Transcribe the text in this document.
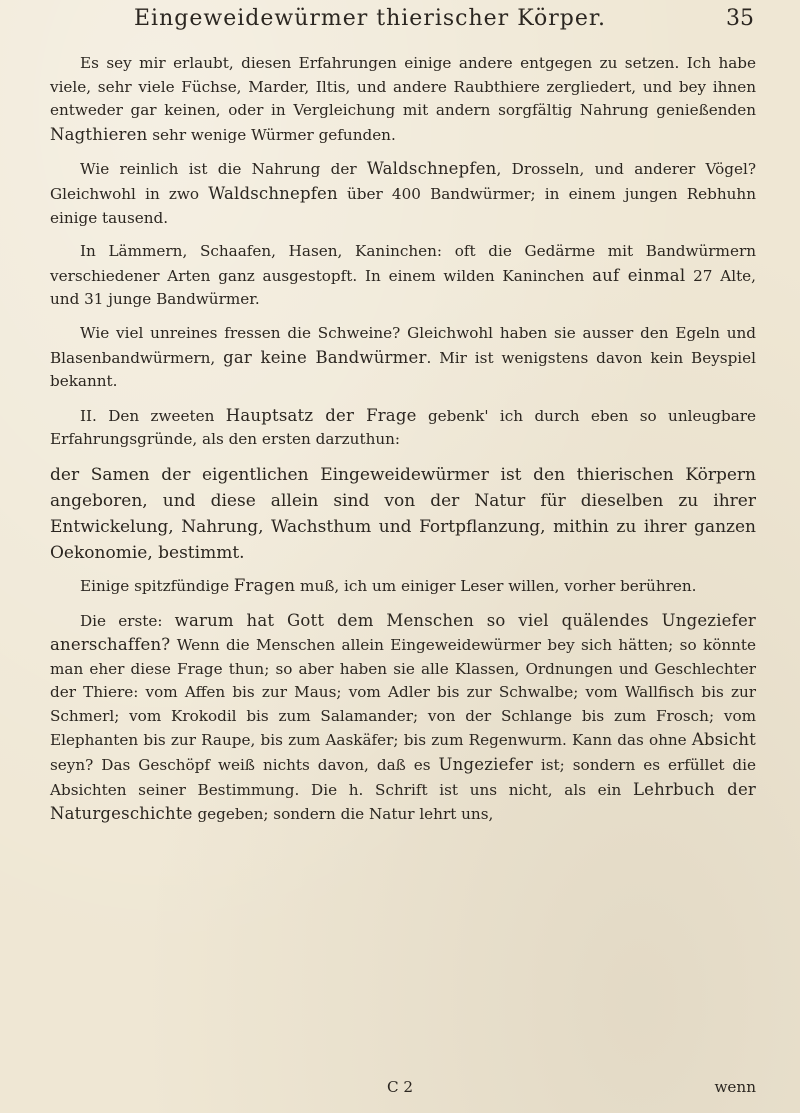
Eingeweidewürmer thierischer Körper.	35

Es sey mir erlaubt, diesen Erfahrungen einige andere entgegen zu setzen. Ich habe viele, sehr viele Füchse, Marder, Iltis, und andere Raubthiere zergliedert, und bey ihnen entweder gar keinen, oder in Vergleichung mit andern sorgfältig Nahrung genießenden Nagthieren sehr wenige Würmer gefunden.

Wie reinlich ist die Nahrung der Waldschnepfen, Drosseln, und anderer Vögel? Gleichwohl in zwo Waldschnepfen über 400 Bandwürmer; in einem jungen Rebhuhn einige tausend.

In Lämmern, Schaafen, Hasen, Kaninchen: oft die Gedärme mit Bandwürmern verschiedener Arten ganz ausgestopft. In einem wilden Kaninchen auf einmal 27 Alte, und 31 junge Bandwürmer.

Wie viel unreines fressen die Schweine? Gleichwohl haben sie ausser den Egeln und Blasenbandwürmern, gar keine Bandwürmer. Mir ist wenigstens davon kein Beyspiel bekannt.

II. Den zweeten Hauptsatz der Frage gebenk' ich durch eben so unleugbare Erfahrungsgründe, als den ersten darzuthun:

der Samen der eigentlichen Eingeweidewürmer ist den thierischen Körpern angeboren, und diese allein sind von der Natur für dieselben zu ihrer Entwickelung, Nahrung, Wachsthum und Fortpflanzung, mithin zu ihrer ganzen Oekonomie, bestimmt.

Einige spitzfündige Fragen muß, ich um einiger Leser willen, vorher berühren.

Die erste: warum hat Gott dem Menschen so viel quälendes Ungeziefer anerschaffen? Wenn die Menschen allein Eingeweidewürmer bey sich hätten; so könnte man eher diese Frage thun; so aber haben sie alle Klassen, Ordnungen und Geschlechter der Thiere: vom Affen bis zur Maus; vom Adler bis zur Schwalbe; vom Wallfisch bis zur Schmerl; vom Krokodil bis zum Salamander; von der Schlange bis zum Frosch; vom Elephanten bis zur Raupe, bis zum Aaskäfer; bis zum Regenwurm. Kann das ohne Absicht seyn? Das Geschöpf weiß nichts davon, daß es Ungeziefer ist; sondern es erfüllet die Absichten seiner Bestimmung. Die h. Schrift ist uns nicht, als ein Lehrbuch der Naturgeschichte gegeben; sondern die Natur lehrt uns,

C 2	wenn
